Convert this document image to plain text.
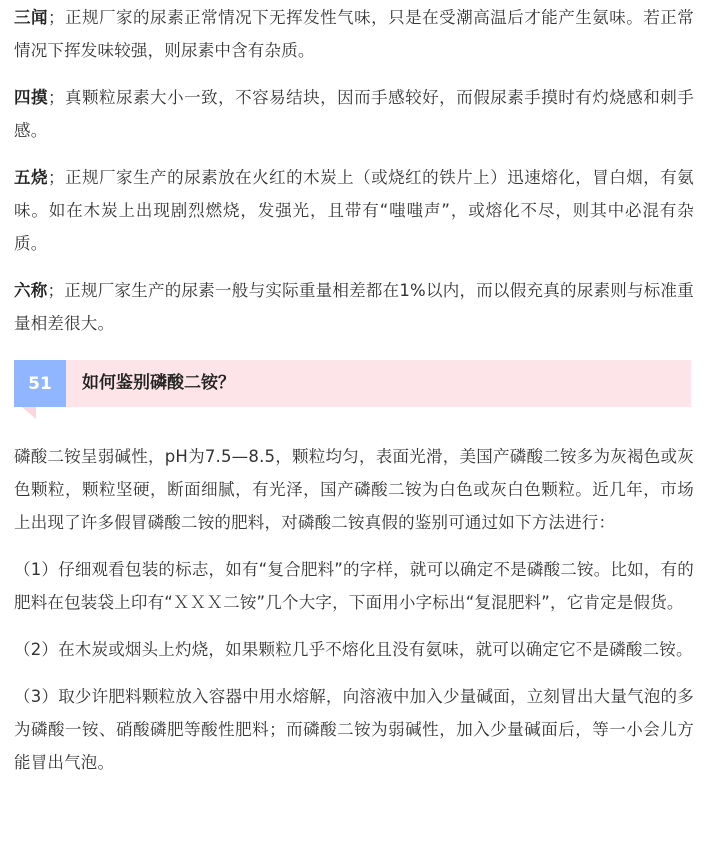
三闻；正规厂家的尿素正常情况下无挥发性气味，只是在受潮高温后才能产生氨味。若正常情况下挥发味较强，则尿素中含有杂质。

四摸；真颗粒尿素大小一致，不容易结块，因而手感较好，而假尿素手摸时有灼烧感和刺手感。

五烧；正规厂家生产的尿素放在火红的木炭上（或烧红的铁片上）迅速熔化，冒白烟，有氨味。如在木炭上出现剧烈燃烧，发强光，且带有“嗤嗤声”，或熔化不尽，则其中必混有杂质。

六称；正规厂家生产的尿素一般与实际重量相差都在1%以内，而以假充真的尿素则与标准重量相差很大。

51	如何鉴别磷酸二铵？

磷酸二铵呈弱碱性，pH为7.5—8.5，颗粒均匀，表面光滑，美国产磷酸二铵多为灰褐色或灰色颗粒，颗粒坚硬，断面细腻，有光泽，国产磷酸二铵为白色或灰白色颗粒。近几年，市场上出现了许多假冒磷酸二铵的肥料，对磷酸二铵真假的鉴别可通过如下方法进行：

（1）仔细观看包装的标志，如有“复合肥料”的字样，就可以确定不是磷酸二铵。比如，有的肥料在包装袋上印有“ＸＸＸ二铵”几个大字，下面用小字标出“复混肥料”，它肯定是假货。

（2）在木炭或烟头上灼烧，如果颗粒几乎不熔化且没有氨味，就可以确定它不是磷酸二铵。

（3）取少许肥料颗粒放入容器中用水熔解，向溶液中加入少量碱面，立刻冒出大量气泡的多为磷酸一铵、硝酸磷肥等酸性肥料；而磷酸二铵为弱碱性，加入少量碱面后，等一小会儿方能冒出气泡。
